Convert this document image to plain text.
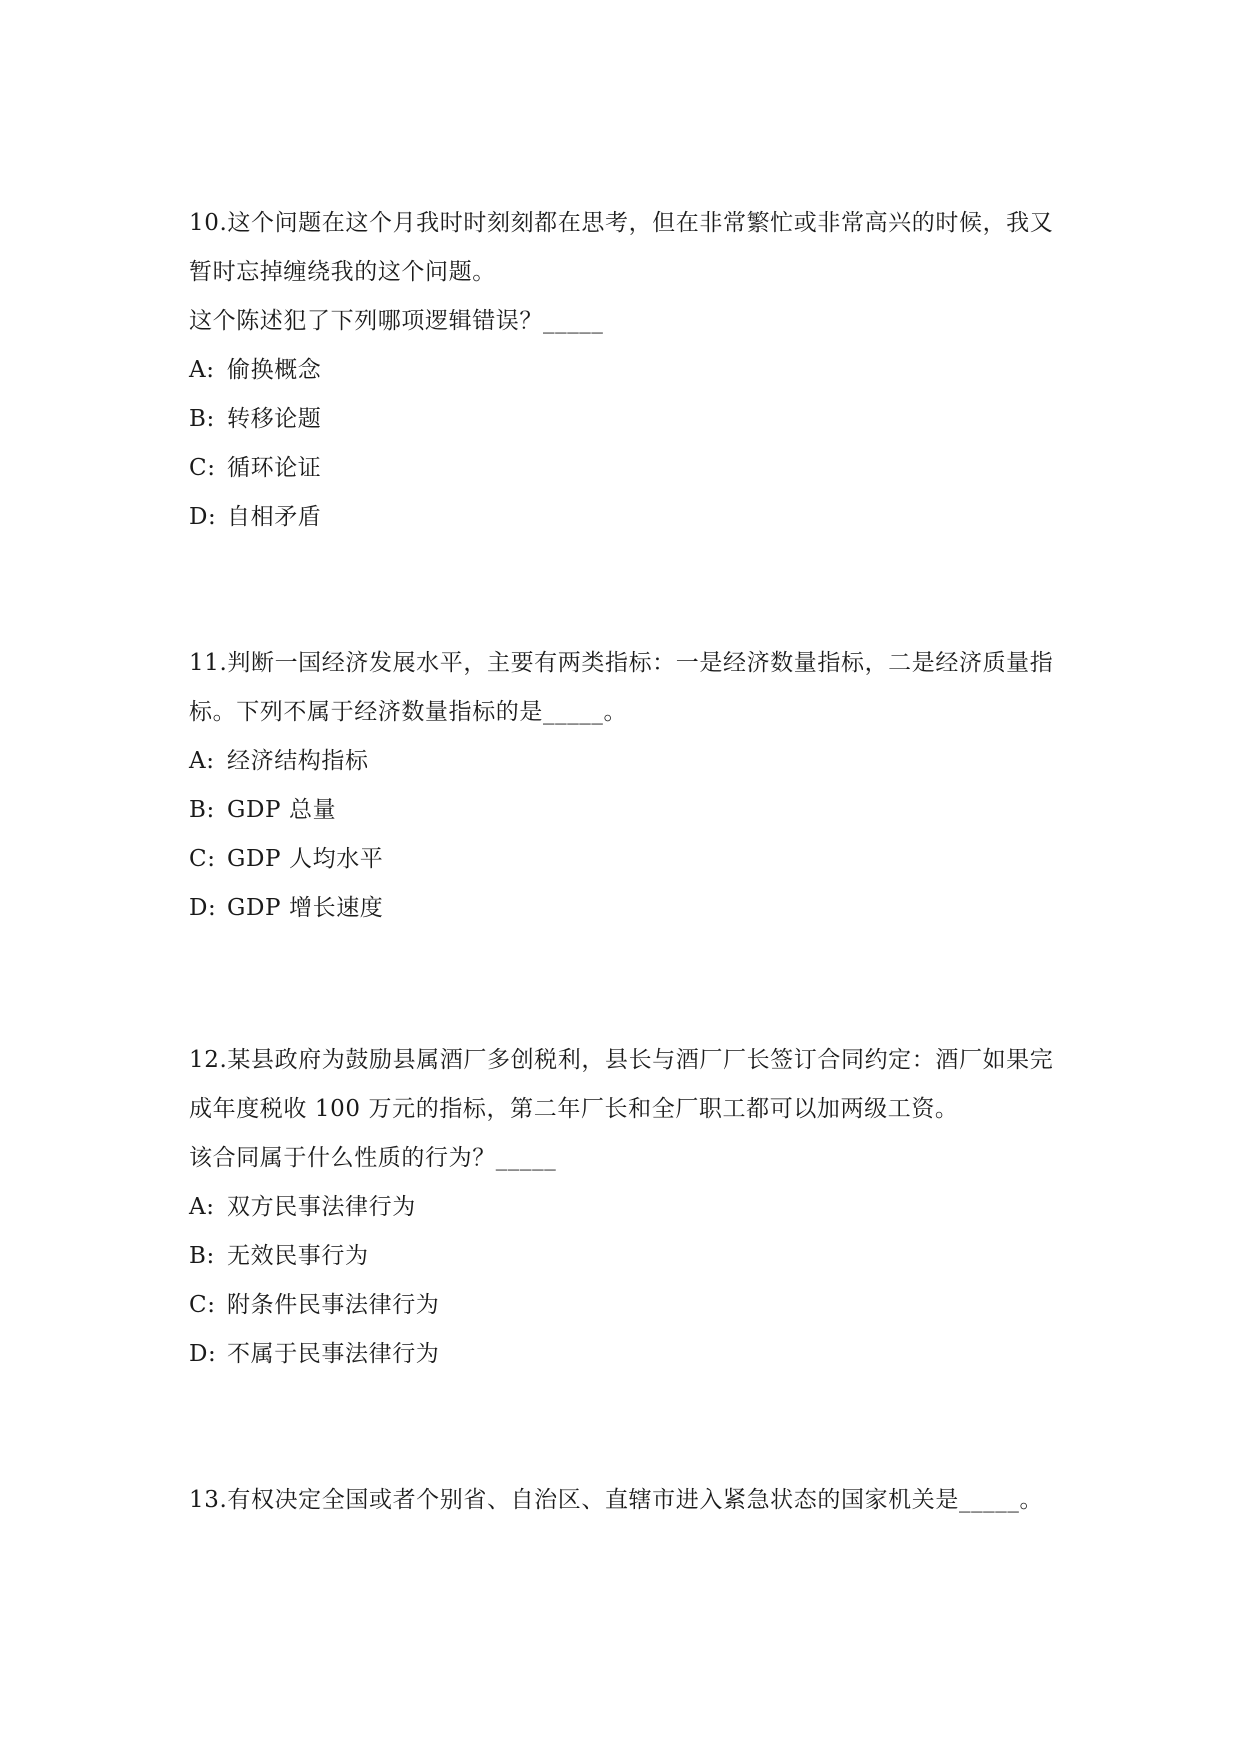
10.这个问题在这个月我时时刻刻都在思考，但在非常繁忙或非常高兴的时候，我又暂时忘掉缠绕我的这个问题。

这个陈述犯了下列哪项逻辑错误？_____

A: 偷换概念

B: 转移论题

C: 循环论证

D: 自相矛盾

11.判断一国经济发展水平，主要有两类指标：一是经济数量指标，二是经济质量指标。下列不属于经济数量指标的是_____。

A: 经济结构指标

B: GDP 总量

C: GDP 人均水平

D: GDP 增长速度

12.某县政府为鼓励县属酒厂多创税利，县长与酒厂厂长签订合同约定：酒厂如果完成年度税收 100 万元的指标，第二年厂长和全厂职工都可以加两级工资。

该合同属于什么性质的行为？_____

A: 双方民事法律行为

B: 无效民事行为

C: 附条件民事法律行为

D: 不属于民事法律行为

13.有权决定全国或者个别省、自治区、直辖市进入紧急状态的国家机关是_____。
